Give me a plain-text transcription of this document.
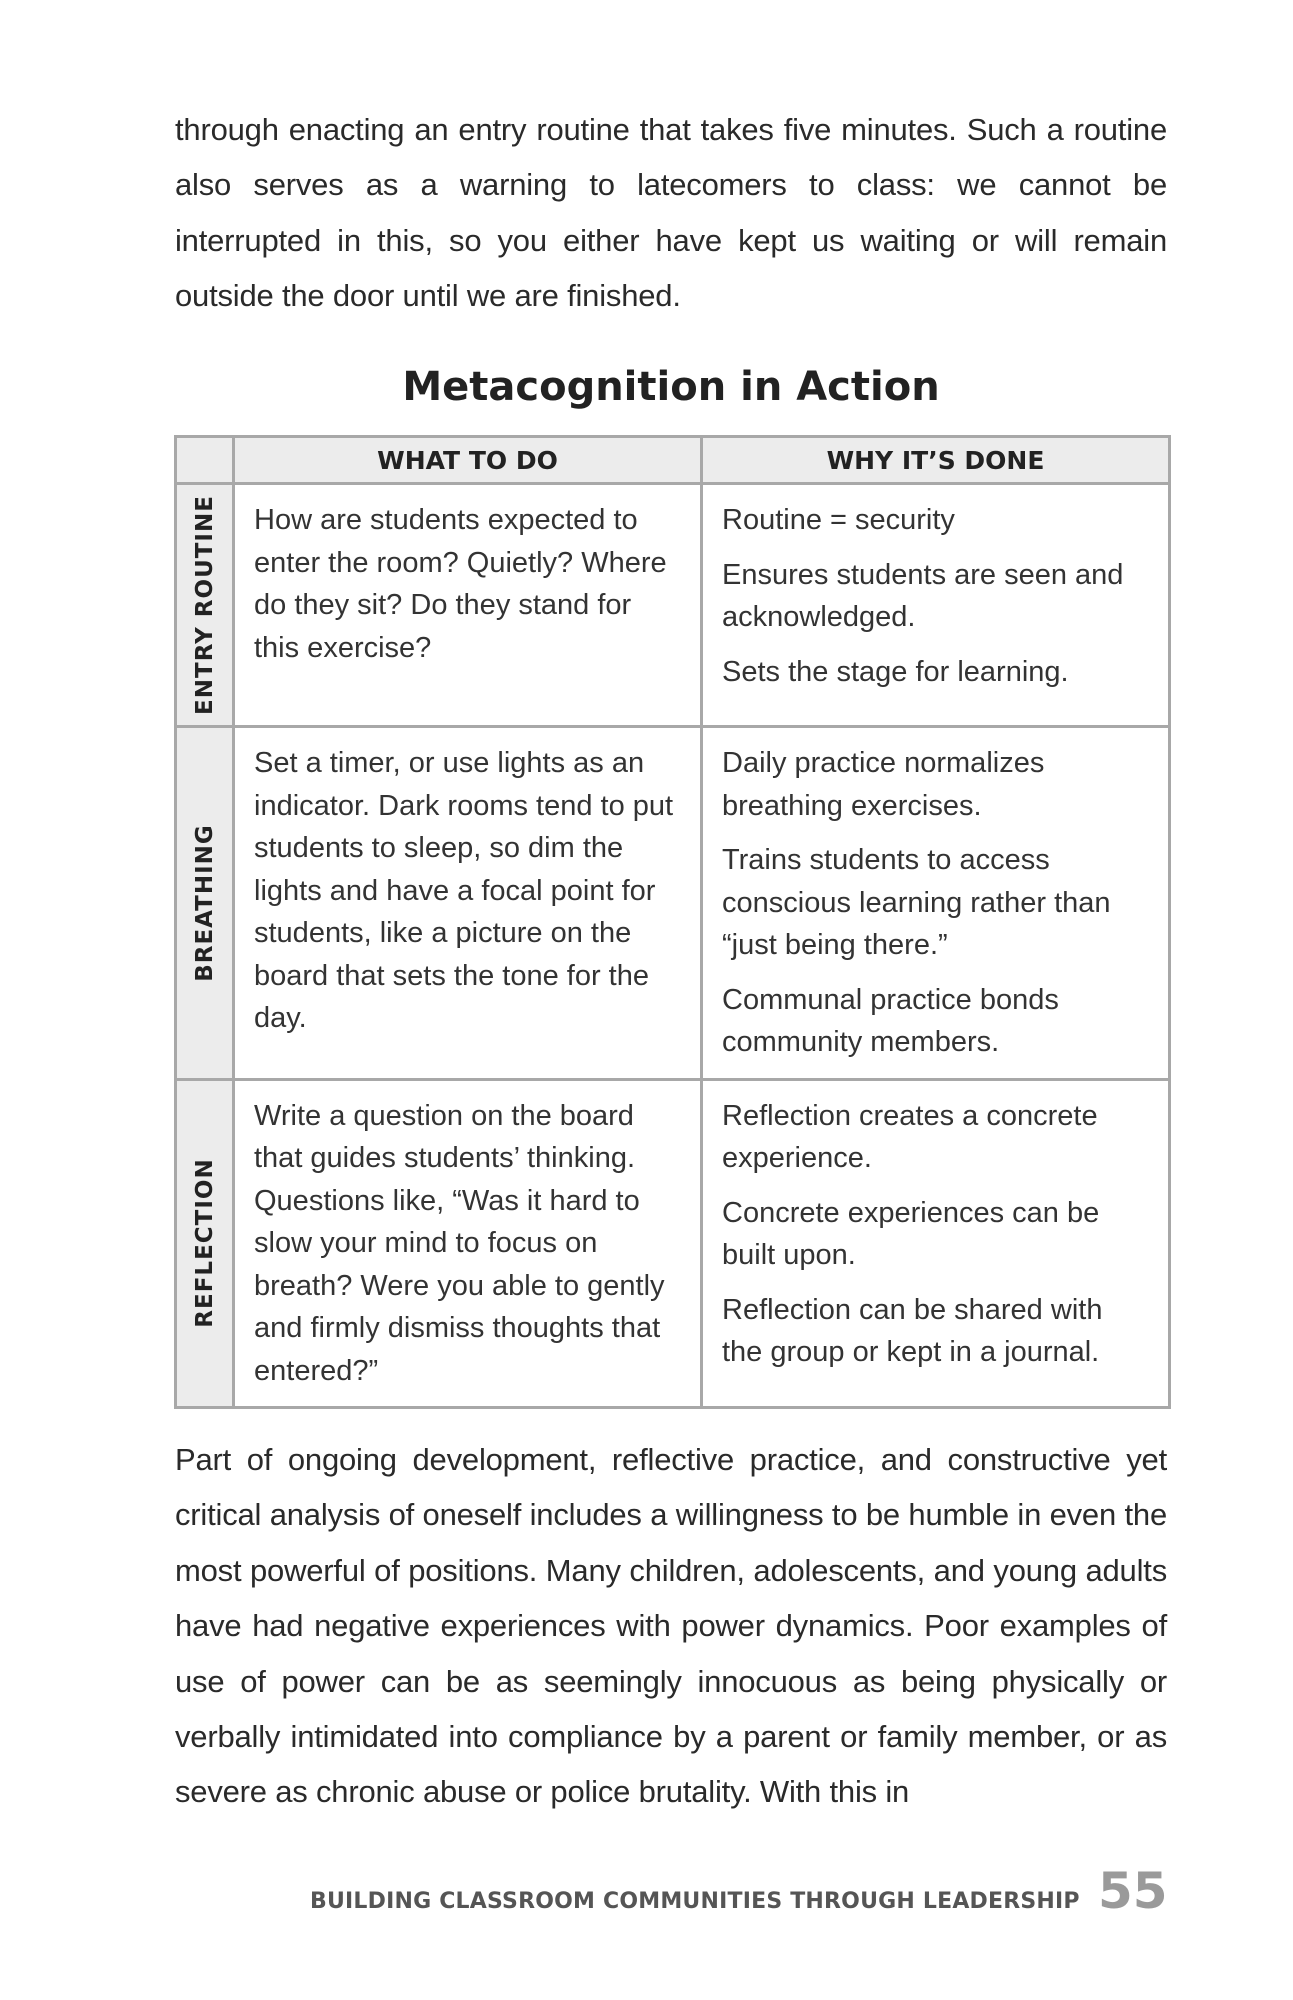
through enacting an entry routine that takes five minutes. Such a routine also serves as a warning to latecomers to class: we cannot be interrupted in this, so you either have kept us waiting or will remain outside the door until we are finished.

Metacognition in Action
	WHAT TO DO	WHY IT’S DONE

ENTRY ROUTINE	How are students expected to enter the room? Quietly? Where do they sit? Do they stand for this exercise?	Routine = security

Ensures students are seen and acknowledged.

Sets the stage for learning.

BREATHING	Set a timer, or use lights as an indicator. Dark rooms tend to put students to sleep, so dim the lights and have a focal point for students, like a picture on the board that sets the tone for the day.	Daily practice normalizes breathing exercises.

Trains students to access conscious learning rather than “just being there.”

Communal practice bonds community members.

REFLECTION	Write a question on the board that guides students’ thinking. Questions like, “Was it hard to slow your mind to focus on breath? Were you able to gently and firmly dismiss thoughts that entered?”	Reflection creates a concrete experience.

Concrete experiences can be built upon.

Reflection can be shared with the group or kept in a journal.

Part of ongoing development, reflective practice, and constructive yet critical analysis of oneself includes a willingness to be humble in even the most powerful of positions. Many children, adolescents, and young adults have had negative experiences with power dynamics. Poor examples of use of power can be as seemingly innocuous as being physically or verbally intimidated into compliance by a parent or family member, or as severe as chronic abuse or police brutality. With this in

BUILDING CLASSROOM COMMUNITIES THROUGH LEADERSHIP 55
